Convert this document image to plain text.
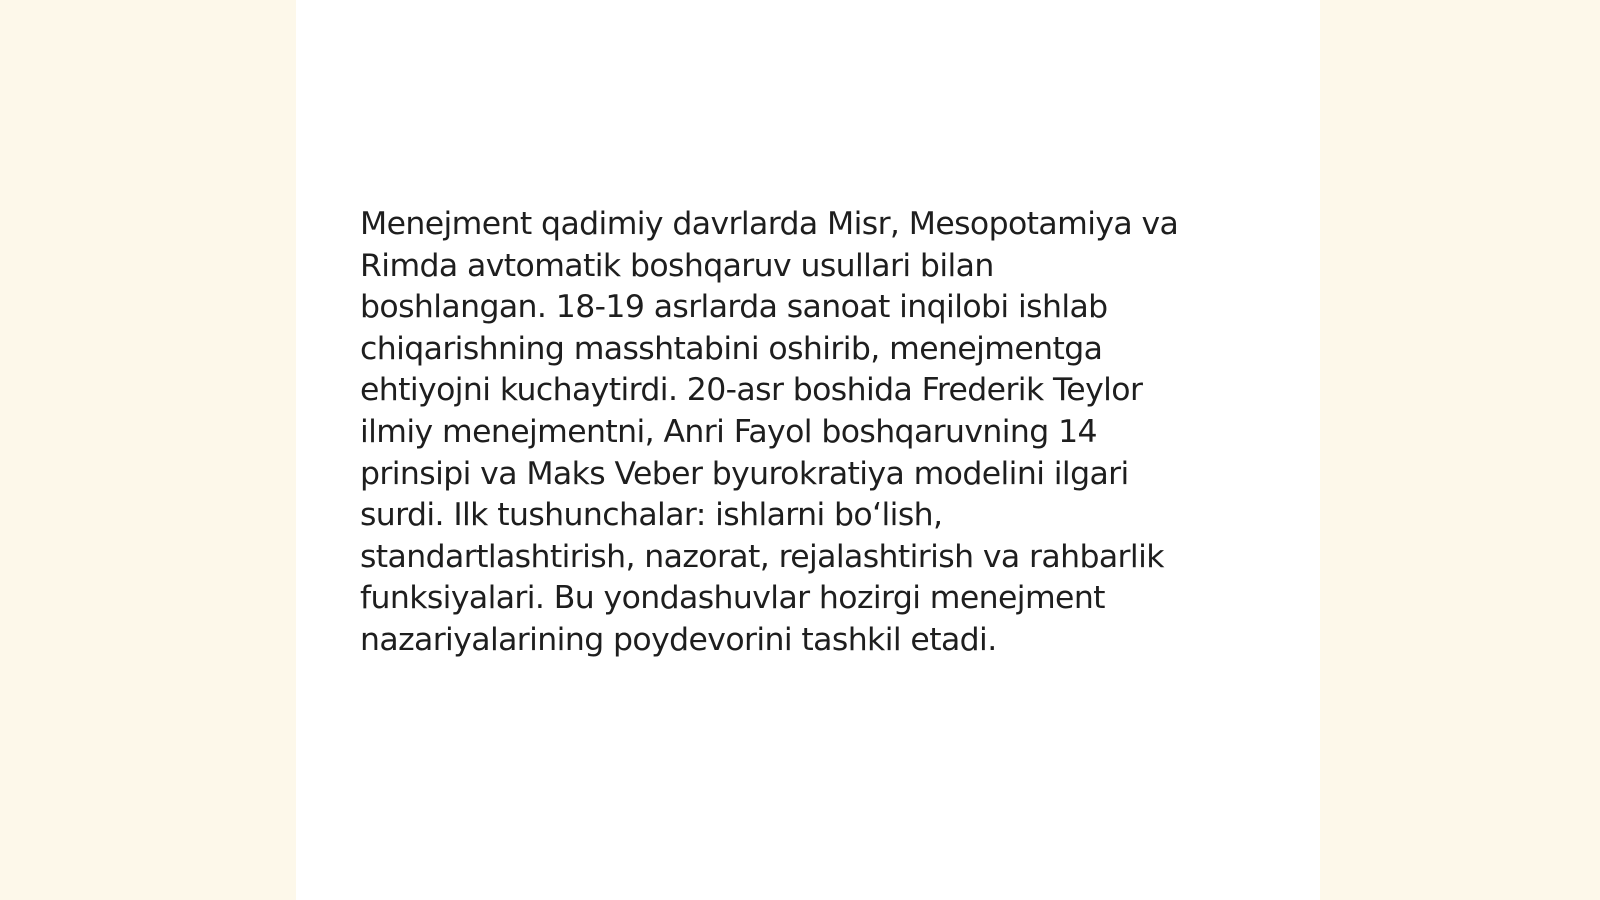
Menejment qadimiy davrlarda Misr, Mesopotamiya va
Rimda avtomatik boshqaruv usullari bilan
boshlangan. 18-19 asrlarda sanoat inqilobi ishlab
chiqarishning masshtabini oshirib, menejmentga
ehtiyojni kuchaytirdi. 20-asr boshida Frederik Teylor
ilmiy menejmentni, Anri Fayol boshqaruvning 14
prinsipi va Maks Veber byurokratiya modelini ilgari
surdi. Ilk tushunchalar: ishlarni bo‘lish,
standartlashtirish, nazorat, rejalashtirish va rahbarlik
funksiyalari. Bu yondashuvlar hozirgi menejment
nazariyalarining poydevorini tashkil etadi.
